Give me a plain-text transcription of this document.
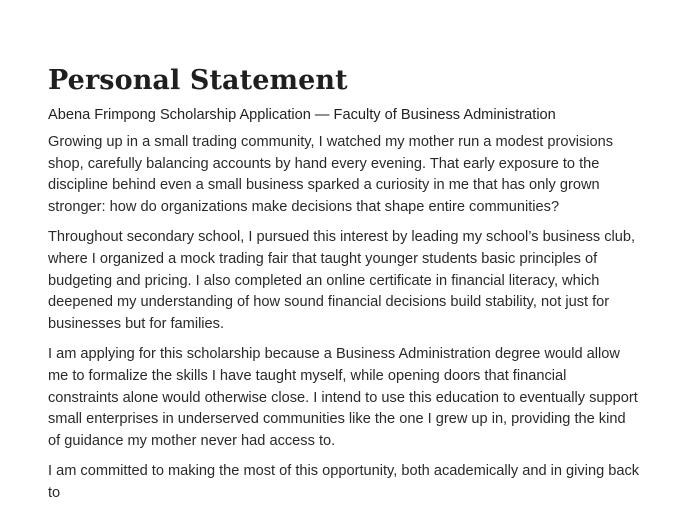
Personal Statement

Abena Frimpong Scholarship Application — Faculty of Business Administration

Growing up in a small trading community, I watched my mother run a modest provisions shop, carefully balancing accounts by hand every evening. That early exposure to the discipline behind even a small business sparked a curiosity in me that has only grown stronger: how do organizations make decisions that shape entire communities?

Throughout secondary school, I pursued this interest by leading my school’s business club, where I organized a mock trading fair that taught younger students basic principles of budgeting and pricing. I also completed an online certificate in financial literacy, which deepened my understanding of how sound financial decisions build stability, not just for businesses but for families.

I am applying for this scholarship because a Business Administration degree would allow me to formalize the skills I have taught myself, while opening doors that financial constraints alone would otherwise close. I intend to use this education to eventually support small enterprises in underserved communities like the one I grew up in, providing the kind of guidance my mother never had access to.

I am committed to making the most of this opportunity, both academically and in giving back to
